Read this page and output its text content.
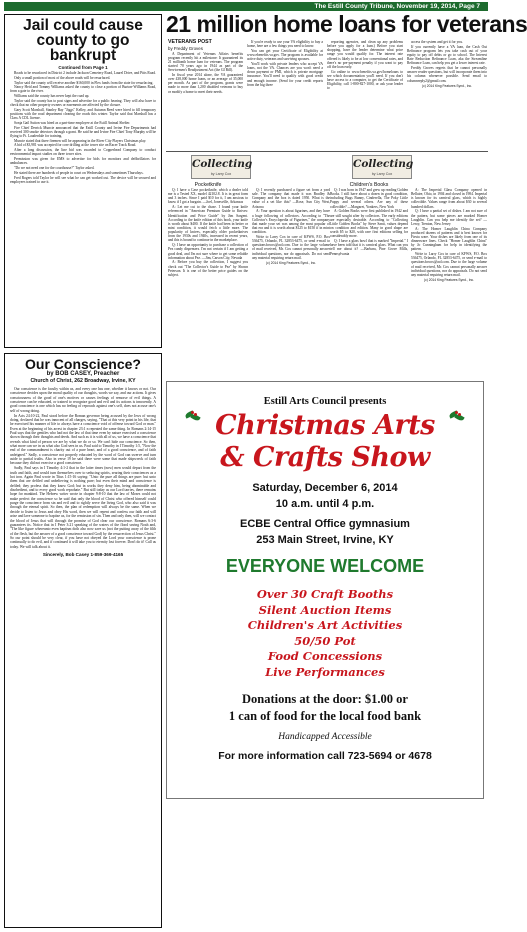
The Estill County Tribune, November 19, 2014, Page 7
Jail could cause county to go bankrupt
Continued from Page 1

Roads to be resurfaced in District 2 include Jackson Cemetery Road, Laurel Drive, and Pitts Road.

Only a small portion of most of the above roads will be resurfaced.

Taylor said the county will receive another $160,000 in Flex funds from the state for resurfacing.

Nancy Heid and Tommy Williams asked the county to close a portion of Burton-Williams Road, from a gate to the river.

Williams said the county has never kept the road up.

Taylor said the county has to post signs and advertise for a public hearing. They will also have to check that no other property owners or easements are affected by the closure.

Gary Scott Marshall, Stanley Ray "Jiggs" Kelley, and Autumn Reed were hired to fill temporary positions with the road department clearing the roads this winter. Taylor said that Marshall has a Class A CDL license.

Sonja Gail Sutton was hired as a part-time employee at the Estill Animal Shelter.

Fire Chief Derrick Muncie announced that the Estill County and Irvine Fire Departments had received 300 smoke detectors through a grant. He said he and Irvine Fire Chief Tony Murphy will be flying to Ft. Lauderdale for training.

Muncie stated that three firemen will be appearing in the River City Players Christmas play.

A bid of $3,981 was accepted for core drilling at the tower site on Racer Track Road.

After a long discussion, the line bid was awarded to Copperhead Company to conduct environmental impact studies on three tower sites.

Permission was given for EMS to advertise for bids for monitors and defibrillators for ambulances.

"Do we not need one for the courthouse?" Taylor asked.

He stated there are hundreds of people in court on Wednesdays and sometimes Thursdays.

Fred Rogers told Taylor he will see what he can get worked out. The device will be secured and employees trained to use it.

Our Conscience?
by BOB CASEY, Preacher
Church of Christ, 262 Broadway, Irvine, KY

Our conscience is the faculty within us, and every one has one, whether it knows or not. Our conscience decides upon the moral quality of our thoughts, words we say, and our actions. It gives consciousness of the good of one's motives or causes feelings of remorse of evil things. A conscience can be educated, or trained to recognize good and evil and its actions is innocently. A good conscience is one which has no feeling of reproach against one's self, does not accuse one's self of wrong doing.

In Acts 24:10-22, Paul stood before the Roman governor being accused by the Jews of wrong doing, declared that he was innocent of all charges, saying, "That at this very point in his life, that he exercised his manner of life to always have a conscience void of offense toward God or man." Even at the beginning of his arrest in chapter 23:1 n repeated the same thing. In Romans 2:14-15 Paul says that the gentiles who had not the law of that time even by nature exercised a conscience shown through their thoughts and deeds. And such as it is with all of us, we have a conscience that reveals what kind of person we are by what we do or so. We can't hide our conscience. So then, what more can we in us what also God sees in us. Paul said to Timothy in I Timothy 1:5, "Now the end of the commandment is charity out of a pure heart, and of a good conscience, and of faith unfeigned." Sadly, a conscience not properly educated by the word of God can swerve and turn aside to partial truths. Also in verse 19 he said there were some that made shipwreck of faith because they did not exercise a good conscience.

Sadly, Paul says in I Timothy 4:1-2 that in the latter times (now) men would depart from the truth and faith, and would turn themselves over to seducing spirits, searing their consciences as a hot iron. Again Paul wrote in Titus 1:15-16 saying: "Unto the pure all things are pure: but unto them that are defiled and unbelieving is nothing pure; but even their mind and conscience is defiled; they profess that they know God; but in works they deny him, being abominable and disobedient, and to every good work reprobate." But still today as our Lord tarries, there remains hope for mankind. The Hebrew writer wrote in chapter 9:8-10 that the law of Moses could not make perfect the conscience so he said that only the blood of Christ who offered himself could purge the conscience from sin and evil and to rightly serve the living God, who also said it was through the eternal spirit. So then, the plan of redemption will always be the same. When we decide to listen to Jesus and obey His word, then we will repent and confess our faith and will arise and lave someone to baptize us, for the remission of sin. Then and only then, will we contact the blood of Jesus that will through the promise of God clear our conscience. Romans 6:3-6 guarantees its. Notice that in I Peter 3:21 speaking of the waters of the flood saving Noah and, "The like figure whereunto even baptism doth also now save us (not the putting away of the filth of the flesh, but the answer of a good conscience toward God) by the resurrection of Jesus Christ." So our point should be very clear, if you have not obeyed the Lord your conscience is prone continually to do evil, and if continued it will take you to eternity lost forever. Don't do it! Call us today. We will talk about it.

Sincerely, Bob Casey 1-859-369-4165
21 million home loans for veterans
VETERANS POST
by Freddy Groves

A Department of Veterans Affairs benefits program recently hit a milestone: It guaranteed its 21 millionth home loan for veterans. The program started 70 years ago in 1944 as part of the Servicemen's Readjustment Act (the GI Bill).

In fiscal year 2014 alone, the VA guaranteed over 438,000 home loans, or an average of 35,000 per month. As part of the program, grants were made to more than 1,200 disabled veterans to buy or modify a home to meet their needs.

If you're ready to use your VA eligibility to buy a home, here are a few things you need to know:

You can get your Certificate of Eligibility at www.ebenefits.va.gov. The program is available for active duty, veterans and surviving spouses.

You'll work with private lenders who accept VA loans, not the VA. Chances are you won't need a down payment or PMI, which is private mortgage insurance. You'll need to qualify with good credit and enough income. (Send for your credit reports from the big three

reporting agencies, and clean up any problems before you apply for a loan.) Before you start shopping, have the lender determine what price range you would qualify for. The interest rate offered is likely to be at low conventional rates, and there's no pre-payment penalty if you want to pay off the loan early.

Go online to www.benefits.va.gov/homeloans to see which documentation you'll need. If you don't have access to a computer, to get the Certificate of Eligibility, call 1-800-827-1000, or ask your leader to

access the system and get it for you.

If you currently have a VA loan, the Cash Out Refinance program lets you take cash out of your equity to pay off debts or go to school. The Interest Rate Reduction Refinance Loan, aka the Streamline Refinance Loan, can help you get a lower interest rate.

Freddy Groves regrets that he cannot personally answer reader questions, but will incorporate them into his column whenever possible. Send email to columnreply2@gmail.com.

(c) 2014 King Features Synd., Inc.
Collecting
by Larry Cox
Collecting
by Larry Cox
Pocketknife

Q: I have a Case pocketknife, which a dealer told me is a Tested XX, model 42102.8. It is in great form and 3 inches. Since I paid $10 for it, I am anxious to know if I got a bargain. —Joel, Jonesville, Arkansas

A: Let me cut to the chase. I found your knife referenced in "American Premium Guide to Knives: Identification and Price Guide" by Jim Sargent. According to the knife edition of this book, your knife is worth about $400. If the knife had been in better or mint condition, it would fetch a little more. The popularity of knives, especially older pocketknives from the 1930s and 1940s, increased in recent years, and this is bound to continue in the marketplace.

Q: I have an opportunity to purchase a collection of Pez candy dispensers. I'm not certain if I am getting a good deal, and I'm not sure where to get some reliable information about Pez. —Jim, Carson City, Nevada

A: Before you buy the collection, I suggest you check out "The Collector's Guide to Pez" by Shawn Peterson. It is one of the better price guides on the subject.

Q: I recently purchased a figure set from a yard sale. The company that made it was Bradley & Company and the box is dated 1950. What is the value of a set like this? —Rose, Sun City West, Arizona

A: Your question is about figurines, and they have a huge following of collectors. According to "The Collector's Encyclopedia of Figurines," the company that made your set was among the most popular of that era and it is worth about $125 to $150 if in mint condition.

Write to Larry Cox in care of KFWS, P.O. Box 536475, Orlando, FL 32853-6475, or send e-mail to questionsforcox@aol.com. Due to the large volume of mail received, Mr. Cox cannot personally answer individual questions, nor do appraisals. Do not send any material requiring return mail.

(c) 2014 King Features Synd., Inc.
Children's Books

Q: I was born in 1947 and grew up reading Golden Books. I still have about a dozen in good condition, including Bugs Bunny, Cinderella, The Poky Little Puppy and several others. Are any of these collectible? —Margaret, Yonkers, New York

A: Golden Books were first published in 1942 and are still sought after by collectors. The early editions are especially desirable. According to "Collecting Little Golden Books" by Steve Santi, values depend on condition and edition. Many in good shape are worth $5 to $20, with rare first editions selling for considerably more.

Q: I have a glass bowl that is marked "Imperial." I have been told that it is carnival glass. What can you tell me about it? —Barbara, Pine Grove Mills, Pennsylvania

A: The Imperial Glass Company opened in Bellaire, Ohio, in 1904 and closed in 1984. Imperial is known for its carnival glass, which is highly collectible. Values range from about $30 to several hundred dollars.

Q: I have a partial set of dishes. I am not sure of the pattern, but some pieces are marked Homer Laughlin. Can you help me identify the set? —Leroy, Trenton, New Jersey

A: The Homer Laughlin China Company produced dozens of patterns and is best known for Fiesta ware. Your dishes are likely from one of its dinnerware lines. Check "Homer Laughlin China" by Jo Cunningham for help in identifying the pattern.

Write to Larry Cox in care of KFWS, P.O. Box 536475, Orlando, FL 32853-6475, or send e-mail to questionsforcox@aol.com. Due to the large volume of mail received, Mr. Cox cannot personally answer individual questions, nor do appraisals. Do not send any material requiring return mail.

(c) 2014 King Features Synd., Inc.
Estill Arts Council presents
Christmas Arts
& Crafts Show
Saturday, December 6, 2014
10 a.m. until 4 p.m.
ECBE Central Office gymnasium
253 Main Street, Irvine, KY
EVERYONE WELCOME
Over 30 Craft Booths
Silent Auction Items
Children's Art Activities
50/50 Pot
Food Concessions
Live Performances
Donations at the door: $1.00 or
1 can of food for the local food bank
Handicapped Accessible
For more information call 723-5694 or 4678
